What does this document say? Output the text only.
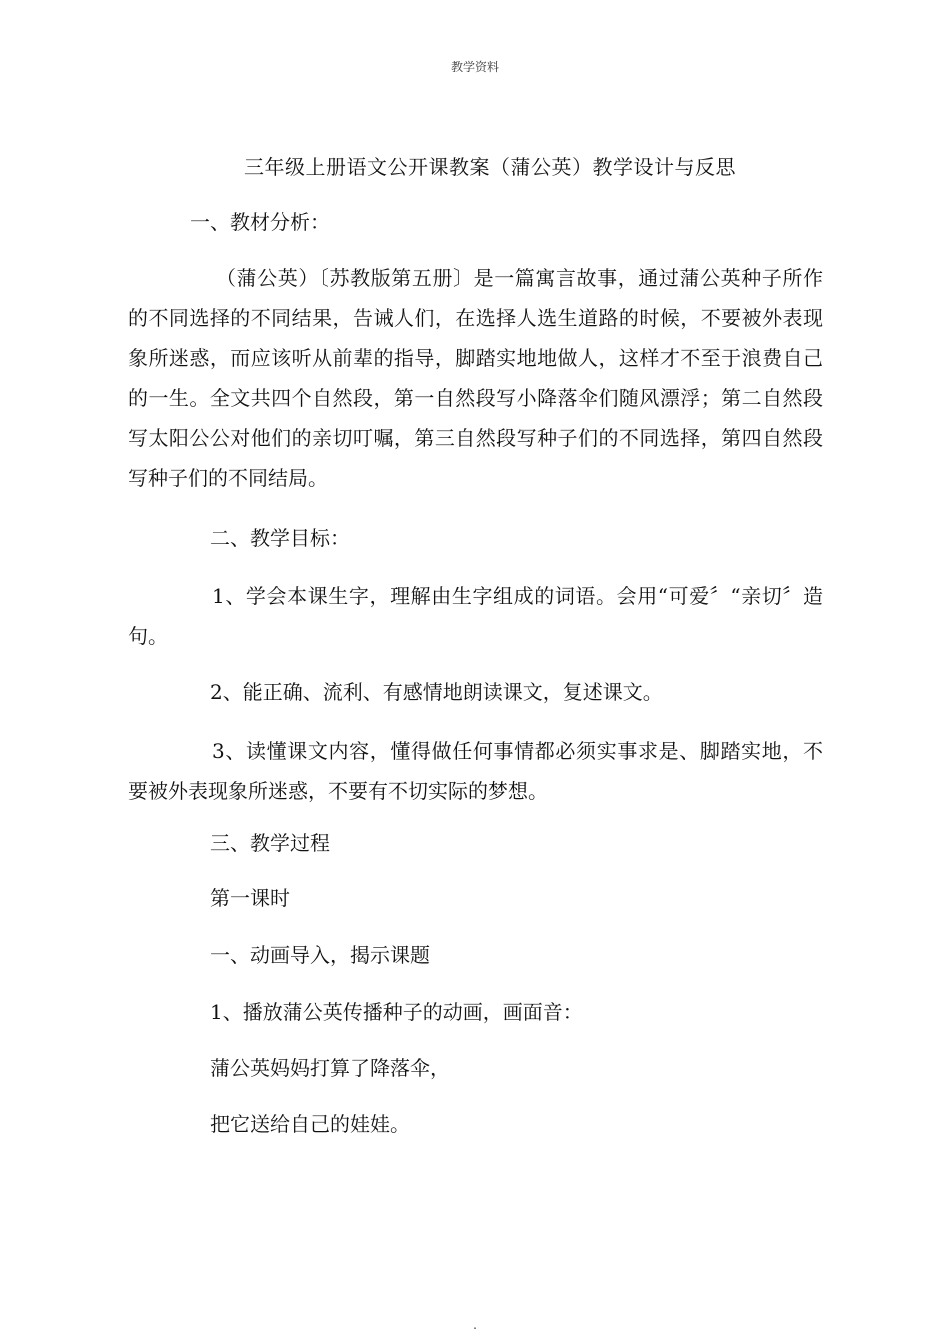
教学资料
三年级上册语文公开课教案（蒲公英）教学设计与反思
一、教材分析：
（蒲公英）〔苏教版第五册〕是一篇寓言故事，通过蒲公英种子所作的不同选择的不同结果，告诫人们，在选择人选生道路的时候，不要被外表现象所迷惑，而应该听从前辈的指导，脚踏实地地做人，这样才不至于浪费自己的一生。全文共四个自然段，第一自然段写小降落伞们随风漂浮；第二自然段写太阳公公对他们的亲切叮嘱，第三自然段写种子们的不同选择，第四自然段写种子们的不同结局。
二、教学目标：
1、学会本课生字，理解由生字组成的词语。会用“可爱〞“亲切〞造句。
2、能正确、流利、有感情地朗读课文，复述课文。
3、读懂课文内容，懂得做任何事情都必须实事求是、脚踏实地，不要被外表现象所迷惑，不要有不切实际的梦想。
三、教学过程
第一课时
一、动画导入，揭示课题
1、播放蒲公英传播种子的动画，画面音：
蒲公英妈妈打算了降落伞，
把它送给自己的娃娃。
.
